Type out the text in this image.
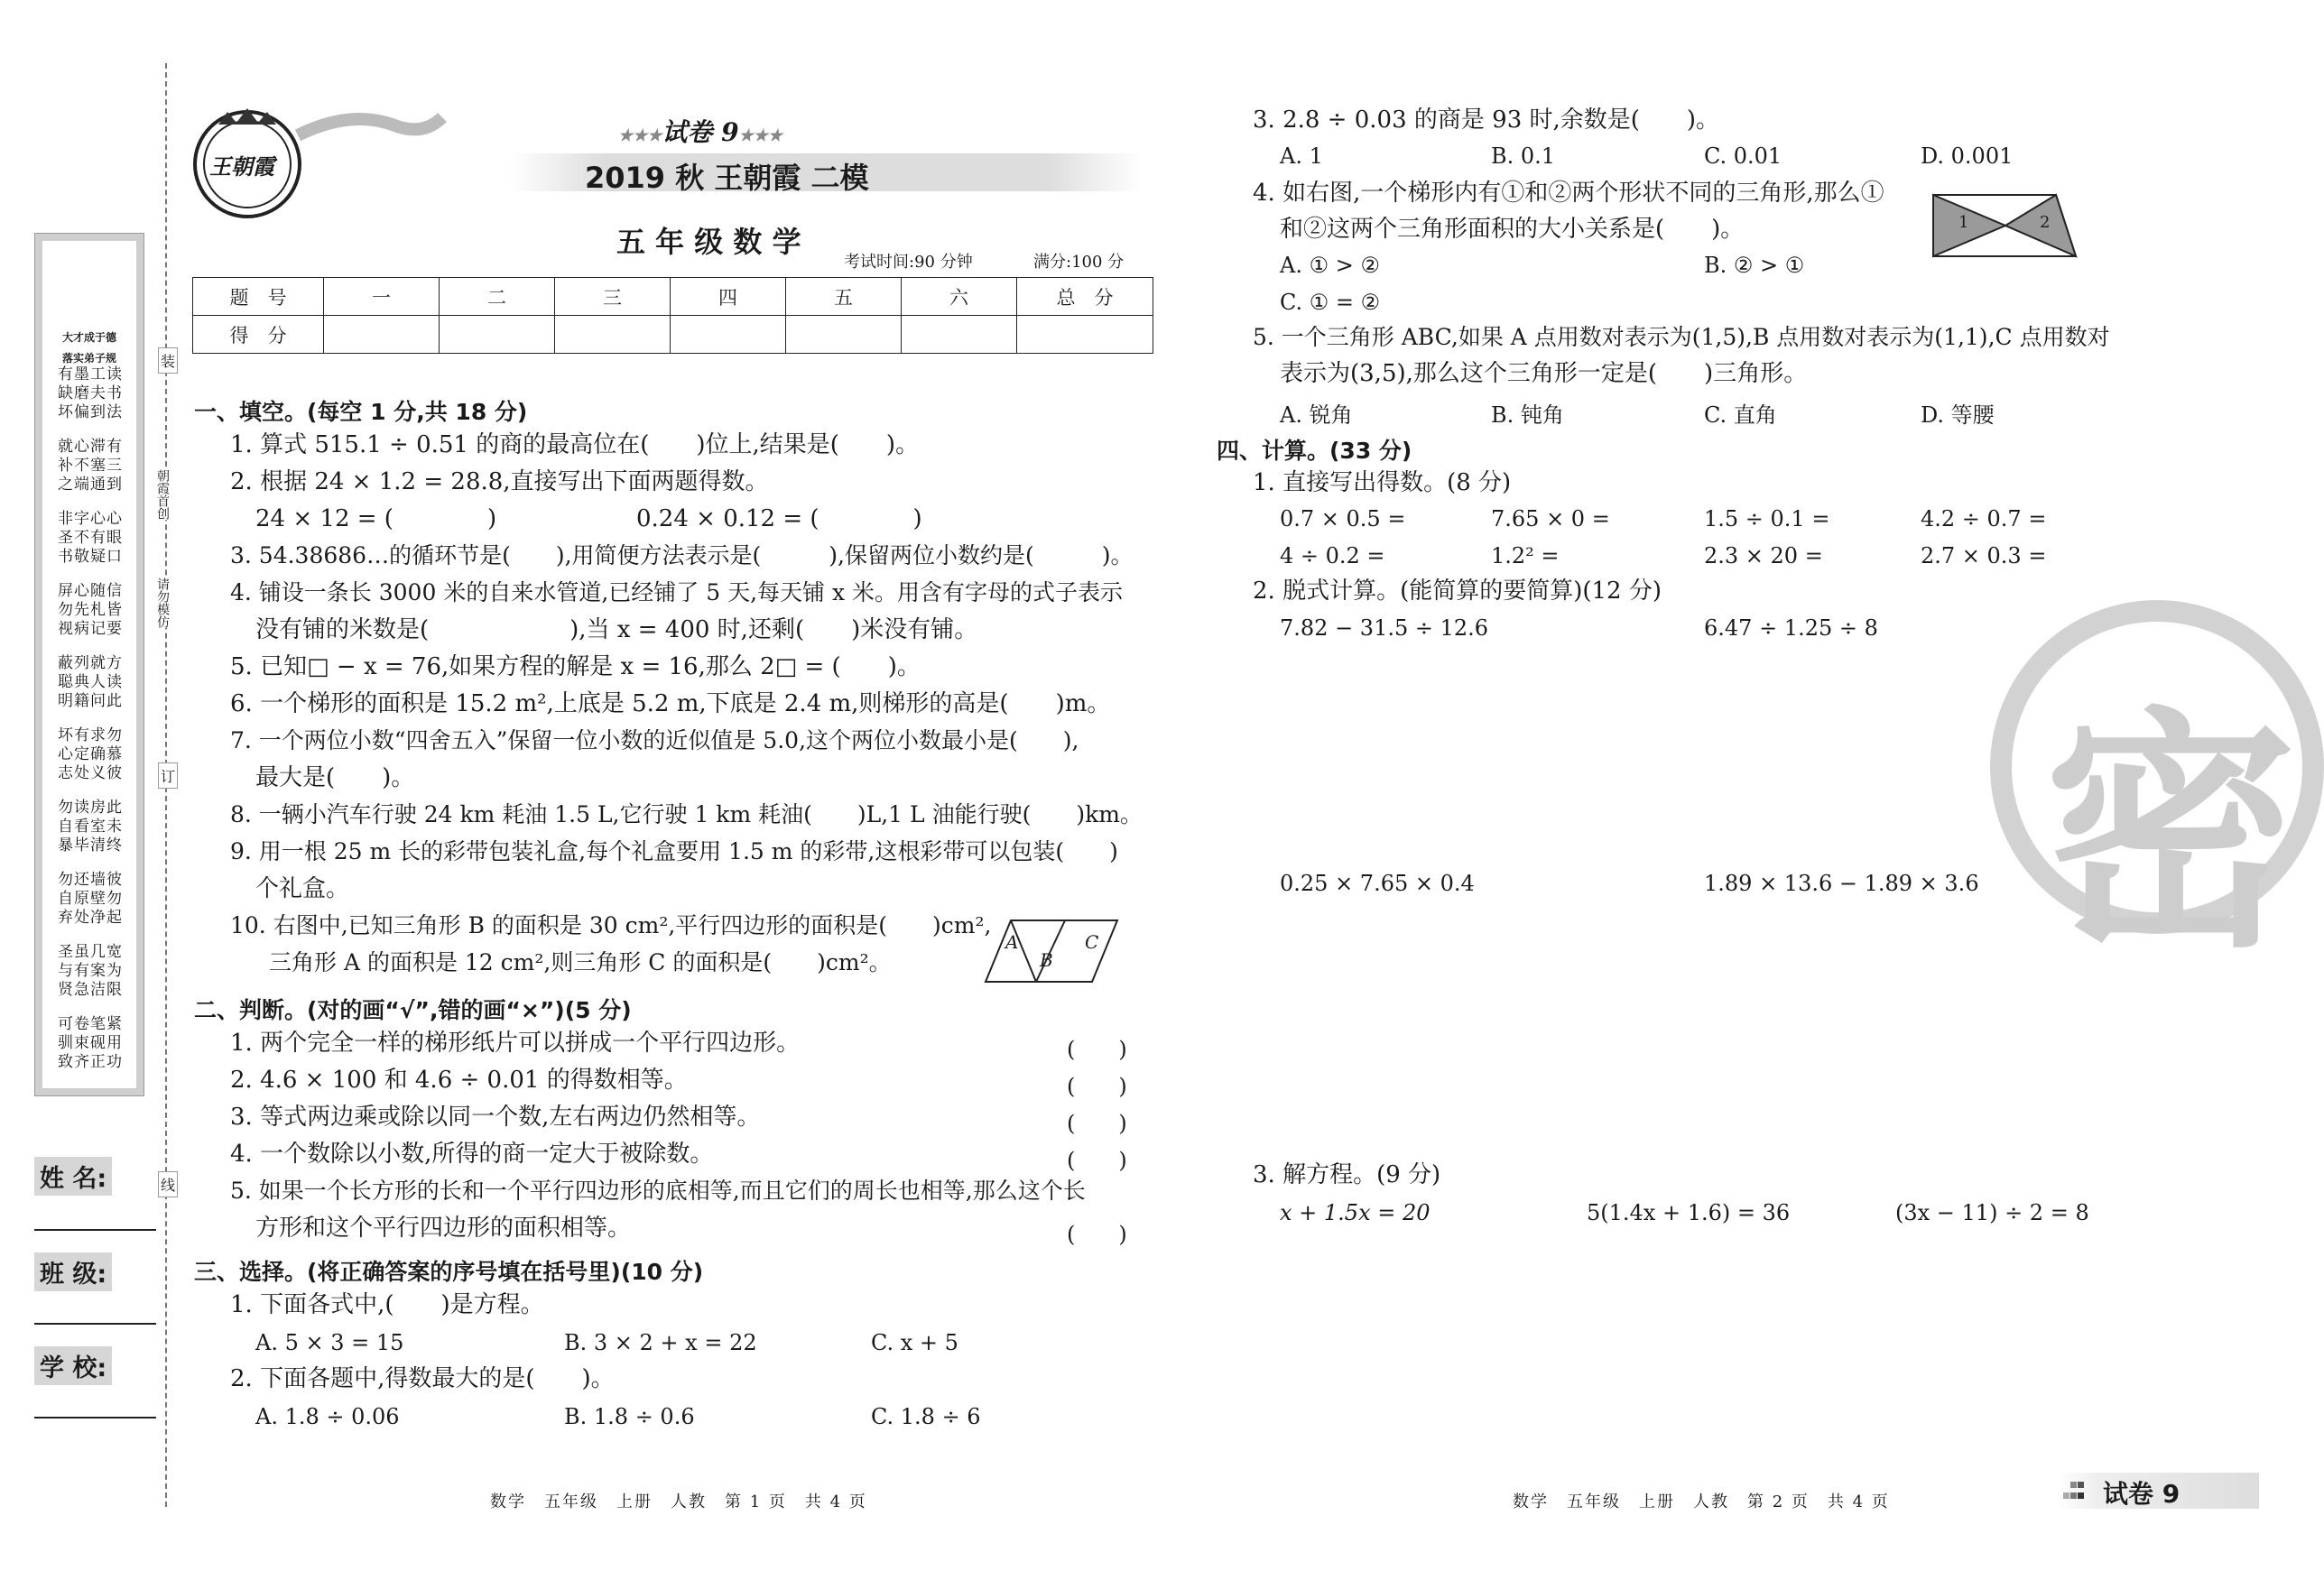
大才成于德
落实弟子规
有墨工读
缺磨夫书
坏偏到法
就心滞有
补不塞三
之端通到
非字心心
圣不有眼
书敬疑口
屏心随信
勿先札皆
视病记要
蔽列就方
聪典人读
明籍问此
坏有求勿
心定确慕
志处义彼
勿读房此
自看室未
暴毕清终
勿还墙彼
自原壁勿
弃处净起
圣虽几宽
与有案为
贤急洁限
可卷笔紧
驯束砚用
致齐正功
装
朝霞首创
请勿模仿
订
线
姓 名:
班 级:
学 校:
王朝霞
★★★试卷 9★★★
2019 秋 王朝霞 二模
五 年 级 数 学
考试时间:90 分钟	满分:100 分
题　号	一	二	三	四	五	六	总　分
得　分							
一、填空。(每空 1 分,共 18 分)
1. 算式 515.1 ÷ 0.51 的商的最高位在(　　)位上,结果是(　　)。
2. 根据 24 × 1.2 = 28.8,直接写出下面两题得数。
24 × 12 = (　　　　)	0.24 × 0.12 = (　　　　)
3. 54.38686…的循环节是(　　),用简便方法表示是(　　　),保留两位小数约是(　　　)。
4. 铺设一条长 3000 米的自来水管道,已经铺了 5 天,每天铺 x 米。用含有字母的式子表示
没有铺的米数是(　　　　　　),当 x = 400 时,还剩(　　)米没有铺。
5. 已知□ − x = 76,如果方程的解是 x = 16,那么 2□ = (　　)。
6. 一个梯形的面积是 15.2 m²,上底是 5.2 m,下底是 2.4 m,则梯形的高是(　　)m。
7. 一个两位小数“四舍五入”保留一位小数的近似值是 5.0,这个两位小数最小是(　　),
最大是(　　)。
8. 一辆小汽车行驶 24 km 耗油 1.5 L,它行驶 1 km 耗油(　　)L,1 L 油能行驶(　　)km。
9. 用一根 25 m 长的彩带包装礼盒,每个礼盒要用 1.5 m 的彩带,这根彩带可以包装(　　)
个礼盒。
10. 右图中,已知三角形 B 的面积是 30 cm²,平行四边形的面积是(　　)cm²,
三角形 A 的面积是 12 cm²,则三角形 C 的面积是(　　)cm²。
A
B
C
二、判断。(对的画“√”,错的画“×”)(5 分)
1. 两个完全一样的梯形纸片可以拼成一个平行四边形。
2. 4.6 × 100 和 4.6 ÷ 0.01 的得数相等。
3. 等式两边乘或除以同一个数,左右两边仍然相等。
4. 一个数除以小数,所得的商一定大于被除数。
5. 如果一个长方形的长和一个平行四边形的底相等,而且它们的周长也相等,那么这个长
方形和这个平行四边形的面积相等。
(　　)
(　　)
(　　)
(　　)
(　　)
三、选择。(将正确答案的序号填在括号里)(10 分)
1. 下面各式中,(　　)是方程。
A. 5 × 3 = 15	B. 3 × 2 + x = 22	C. x + 5
2. 下面各题中,得数最大的是(　　)。
A. 1.8 ÷ 0.06	B. 1.8 ÷ 0.6	C. 1.8 ÷ 6
数学　五年级　上册　人教　第 1 页　共 4 页
3. 2.8 ÷ 0.03 的商是 93 时,余数是(　　)。
A. 1	B. 0.1	C. 0.01	D. 0.001
4. 如右图,一个梯形内有①和②两个形状不同的三角形,那么①
和②这两个三角形面积的大小关系是(　　)。
A. ① > ②	B. ② > ①
C. ① = ②
1	2
5. 一个三角形 ABC,如果 A 点用数对表示为(1,5),B 点用数对表示为(1,1),C 点用数对
表示为(3,5),那么这个三角形一定是(　　)三角形。
A. 锐角	B. 钝角	C. 直角	D. 等腰
密
四、计算。(33 分)
1. 直接写出得数。(8 分)
0.7 × 0.5 =	7.65 × 0 =	1.5 ÷ 0.1 =	4.2 ÷ 0.7 =
4 ÷ 0.2 =	1.2² =	2.3 × 20 =	2.7 × 0.3 =
2. 脱式计算。(能简算的要简算)(12 分)
7.82 − 31.5 ÷ 12.6	6.47 ÷ 1.25 ÷ 8
0.25 × 7.65 × 0.4	1.89 × 13.6 − 1.89 × 3.6
3. 解方程。(9 分)
x + 1.5x = 20	5(1.4x + 1.6) = 36	(3x − 11) ÷ 2 = 8
数学　五年级　上册　人教　第 2 页　共 4 页	试卷 9
